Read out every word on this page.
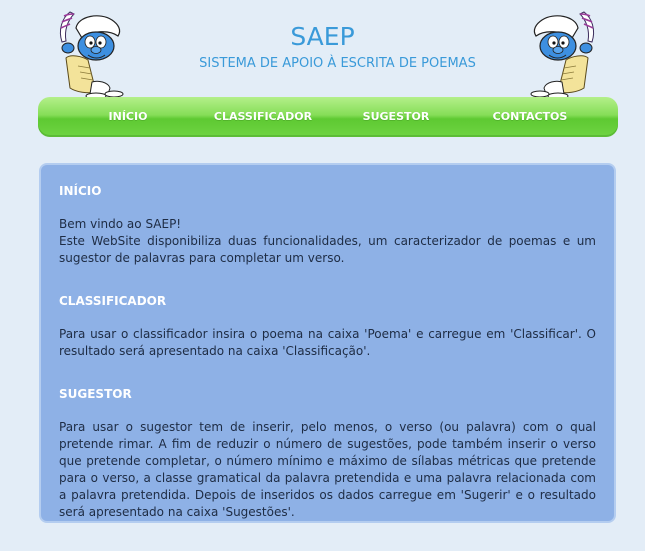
SAEP
SISTEMA DE APOIO À ESCRITA DE POEMAS
INÍCIO	CLASSIFICADOR	SUGESTOR	CONTACTOS
INÍCIO

Bem vindo ao SAEP!

Este WebSite disponibiliza duas funcionalidades, um caracterizador de poemas e um sugestor de palavras para completar um verso.

CLASSIFICADOR

Para usar o classificador insira o poema na caixa 'Poema' e carregue em 'Classificar'. O resultado será apresentado na caixa 'Classificação'.

SUGESTOR

Para usar o sugestor tem de inserir, pelo menos, o verso (ou palavra) com o qual pretende rimar. A fim de reduzir o número de sugestões, pode também inserir o verso que pretende completar, o número mínimo e máximo de sílabas métricas que pretende para o verso, a classe gramatical da palavra pretendida e uma palavra relacionada com a palavra pretendida. Depois de inseridos os dados carregue em 'Sugerir' e o resultado será apresentado na caixa 'Sugestões'.
